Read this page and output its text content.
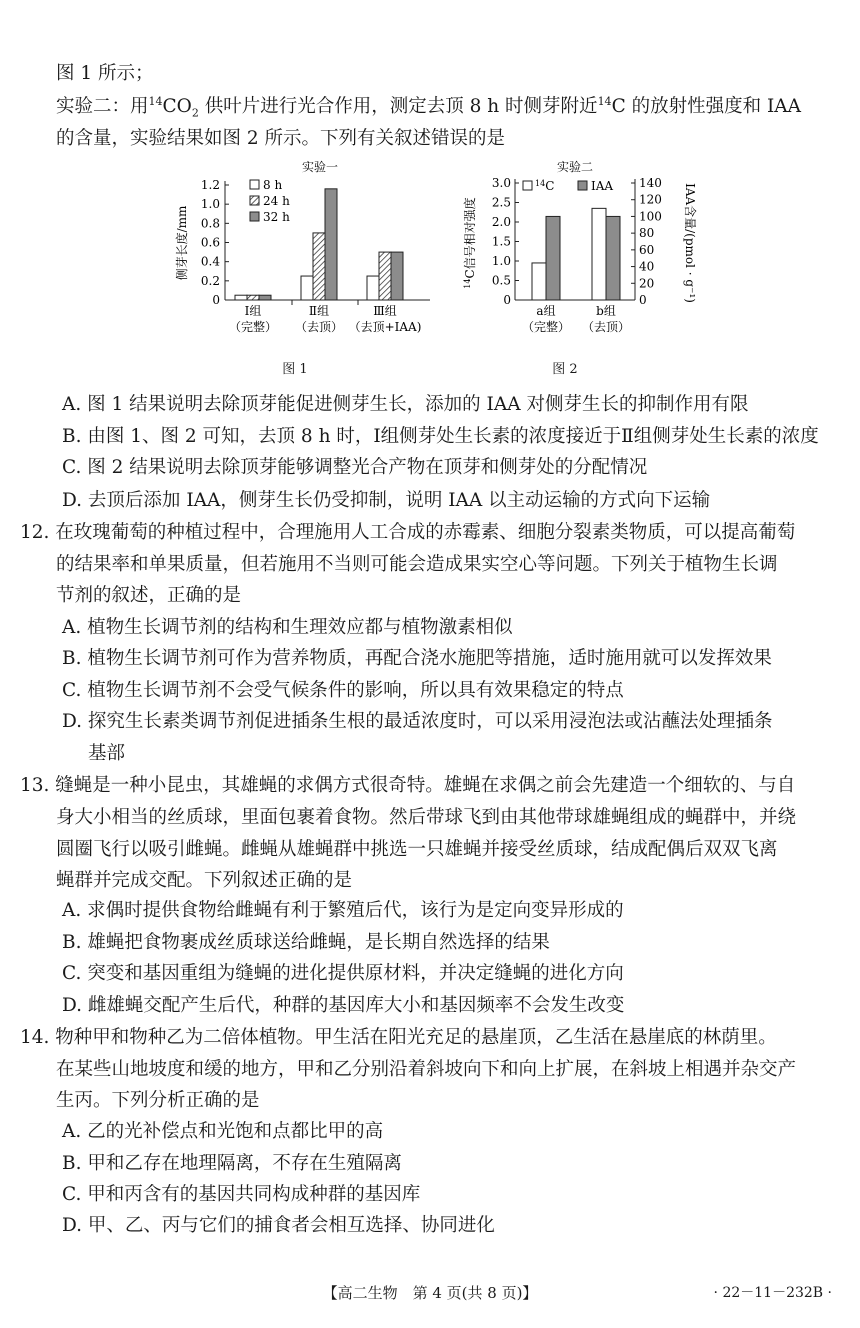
图 1 所示；
实验二：用$^{14}CO_2$ 供叶片进行光合作用，测定去顶 8 h 时侧芽附近$^{14}$C 的放射性强度和 IAA
的含量，实验结果如图 2 所示。下列有关叙述错误的是
实验一
侧芽长度/mm
1.2
1.0
0.8
0.6
0.4
0.2
0
Ⅰ组
（完整）
Ⅱ组
（去顶）
Ⅲ组
（去顶+IAA)
8 h
24 h
32 h
图 1
实验二
$^{14}$C信号相对强度	IAA含量/(pmol · g⁻¹)
3.0
2.5
2.0
1.5
1.0
0.5
0
140
120
100
80
60
40
20
0
a组
（完整）
b组
（去顶）
$^{14}$C	IAA
图 2
A. 图 1 结果说明去除顶芽能促进侧芽生长，添加的 IAA 对侧芽生长的抑制作用有限
B. 由图 1、图 2 可知，去顶 8 h 时，Ⅰ组侧芽处生长素的浓度接近于Ⅱ组侧芽处生长素的浓度
C. 图 2 结果说明去除顶芽能够调整光合产物在顶芽和侧芽处的分配情况
D. 去顶后添加 IAA，侧芽生长仍受抑制，说明 IAA 以主动运输的方式向下运输
12. 在玫瑰葡萄的种植过程中，合理施用人工合成的赤霉素、细胞分裂素类物质，可以提高葡萄
的结果率和单果质量，但若施用不当则可能会造成果实空心等问题。下列关于植物生长调
节剂的叙述，正确的是
A. 植物生长调节剂的结构和生理效应都与植物激素相似
B. 植物生长调节剂可作为营养物质，再配合浇水施肥等措施，适时施用就可以发挥效果
C. 植物生长调节剂不会受气候条件的影响，所以具有效果稳定的特点
D. 探究生长素类调节剂促进插条生根的最适浓度时，可以采用浸泡法或沾蘸法处理插条
基部
13. 缝蝇是一种小昆虫，其雄蝇的求偶方式很奇特。雄蝇在求偶之前会先建造一个细软的、与自
身大小相当的丝质球，里面包裹着食物。然后带球飞到由其他带球雄蝇组成的蝇群中，并绕
圆圈飞行以吸引雌蝇。雌蝇从雄蝇群中挑选一只雄蝇并接受丝质球，结成配偶后双双飞离
蝇群并完成交配。下列叙述正确的是
A. 求偶时提供食物给雌蝇有利于繁殖后代，该行为是定向变异形成的
B. 雄蝇把食物裹成丝质球送给雌蝇，是长期自然选择的结果
C. 突变和基因重组为缝蝇的进化提供原材料，并决定缝蝇的进化方向
D. 雌雄蝇交配产生后代，种群的基因库大小和基因频率不会发生改变
14. 物种甲和物种乙为二倍体植物。甲生活在阳光充足的悬崖顶，乙生活在悬崖底的林荫里。
在某些山地坡度和缓的地方，甲和乙分别沿着斜坡向下和向上扩展，在斜坡上相遇并杂交产
生丙。下列分析正确的是
A. 乙的光补偿点和光饱和点都比甲的高
B. 甲和乙存在地理隔离，不存在生殖隔离
C. 甲和丙含有的基因共同构成种群的基因库
D. 甲、乙、丙与它们的捕食者会相互选择、协同进化
【高二生物　第 4 页(共 8 页)】	· 22－11－232B ·
